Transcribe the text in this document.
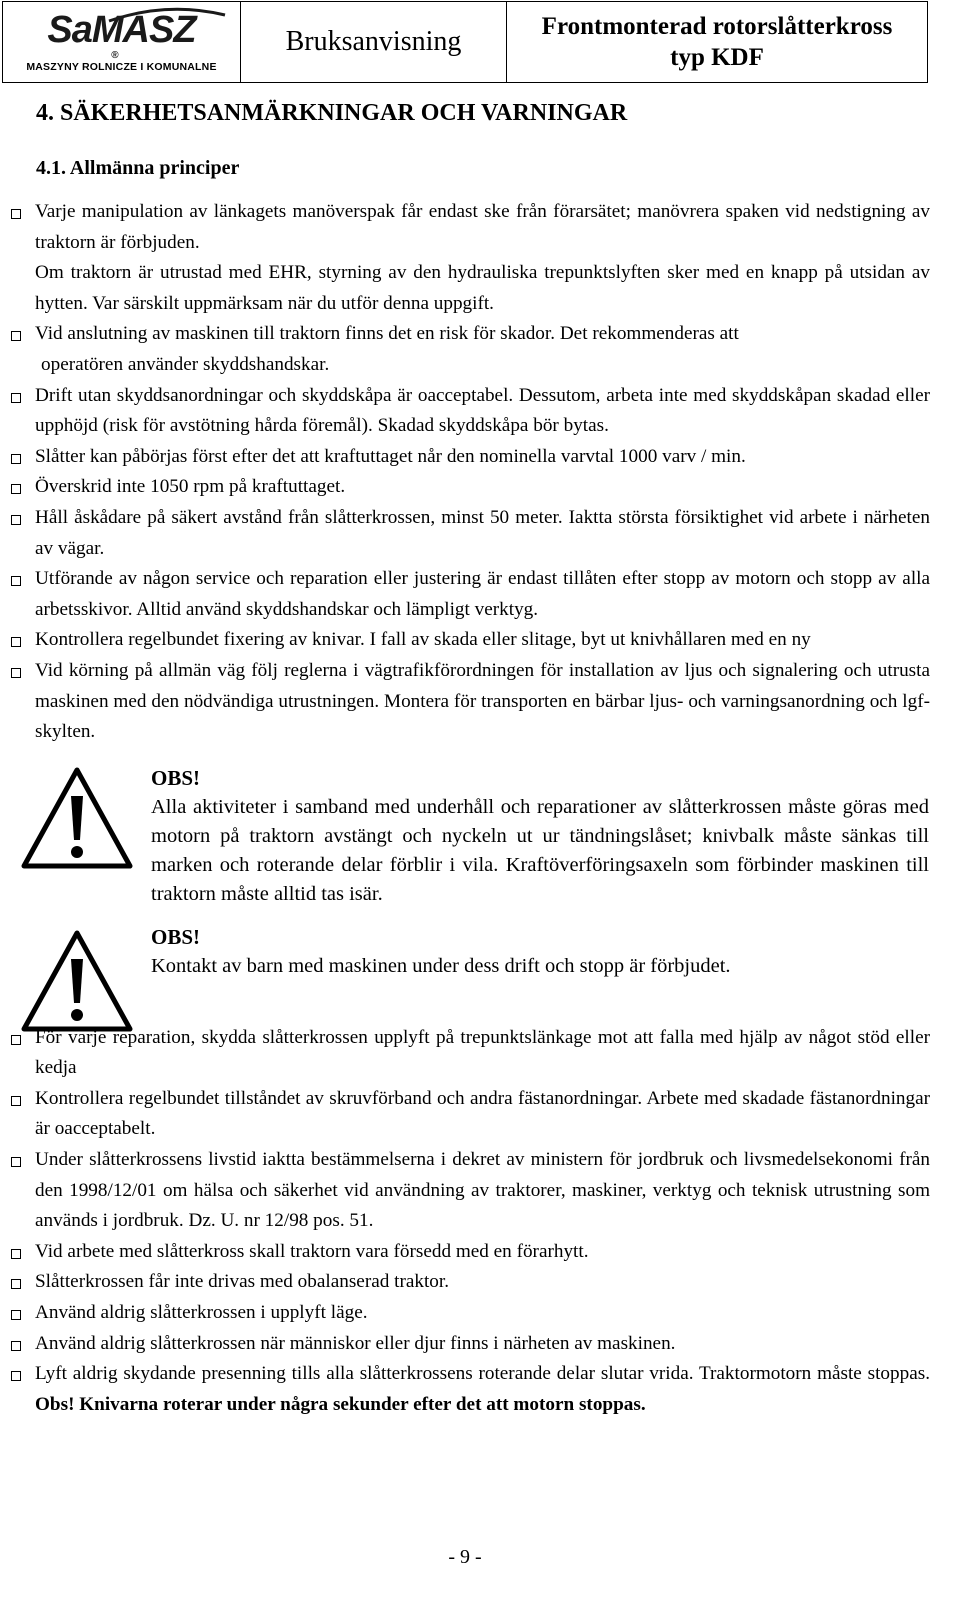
SaMASZ
®
MASZYNY ROLNICZE I KOMUNALNE
Bruksanvisning	Frontmonterad rotorslåtterkross
typ KDF
4. SÄKERHETSANMÄRKNINGAR OCH VARNINGAR
4.1. Allmänna principer
Varje manipulation av länkagets manöverspak får endast ske från förarsätet; manövrera spaken vid nedstigning av traktorn är förbjuden.
Om traktorn är utrustad med EHR, styrning av den hydrauliska trepunktslyften sker med en knapp på utsidan av hytten. Var särskilt uppmärksam när du utför denna uppgift.
Vid anslutning av maskinen till traktorn finns det en risk för skador. Det rekommenderas att
operatören använder skyddshandskar.
Drift utan skyddsanordningar och skyddskåpa är oacceptabel. Dessutom, arbeta inte med skyddskåpan skadad eller upphöjd (risk för avstötning hårda föremål). Skadad skyddskåpa bör bytas.
Slåtter kan påbörjas först efter det att kraftuttaget når den nominella varvtal 1000 varv / min.
Överskrid inte 1050 rpm på kraftuttaget.
Håll åskådare på säkert avstånd från slåtterkrossen, minst 50 meter. Iaktta största försiktighet vid arbete i närheten av vägar.
Utförande av någon service och reparation eller justering är endast tillåten efter stopp av motorn och stopp av alla arbetsskivor. Alltid använd skyddshandskar och lämpligt verktyg.
Kontrollera regelbundet fixering av knivar. I fall av skada eller slitage, byt ut knivhållaren med en ny
Vid körning på allmän väg följ reglerna i vägtrafikförordningen för installation av ljus och signalering och utrusta maskinen med den nödvändiga utrustningen. Montera för transporten en bärbar ljus- och varningsanordning och lgf-skylten.
OBS!
Alla aktiviteter i samband med underhåll och reparationer av slåtterkrossen måste göras med motorn på traktorn avstängt och nyckeln ut ur tändningslåset; knivbalk måste sänkas till marken och roterande delar förblir i vila. Kraftöverföringsaxeln som förbinder maskinen till traktorn måste alltid tas isär.
OBS!
Kontakt av barn med maskinen under dess drift och stopp är förbjudet.
För varje reparation, skydda slåtterkrossen upplyft på trepunktslänkage mot att falla med hjälp av något stöd eller kedja
Kontrollera regelbundet tillståndet av skruvförband och andra fästanordningar. Arbete med skadade fästanordningar är oacceptabelt.
Under slåtterkrossens livstid iaktta bestämmelserna i dekret av ministern för jordbruk och livsmedelsekonomi från den 1998/12/01 om hälsa och säkerhet vid användning av traktorer, maskiner, verktyg och teknisk utrustning som används i jordbruk. Dz. U. nr 12/98 pos. 51.
Vid arbete med slåtterkross skall traktorn vara försedd med en förarhytt.
Slåtterkrossen får inte drivas med obalanserad traktor.
Använd aldrig slåtterkrossen i upplyft läge.
Använd aldrig slåtterkrossen när människor eller djur finns i närheten av maskinen.
Lyft aldrig skydande presenning tills alla slåtterkrossens roterande delar slutar vrida. Traktormotorn måste stoppas. Obs! Knivarna roterar under några sekunder efter det att motorn stoppas.
- 9 -
